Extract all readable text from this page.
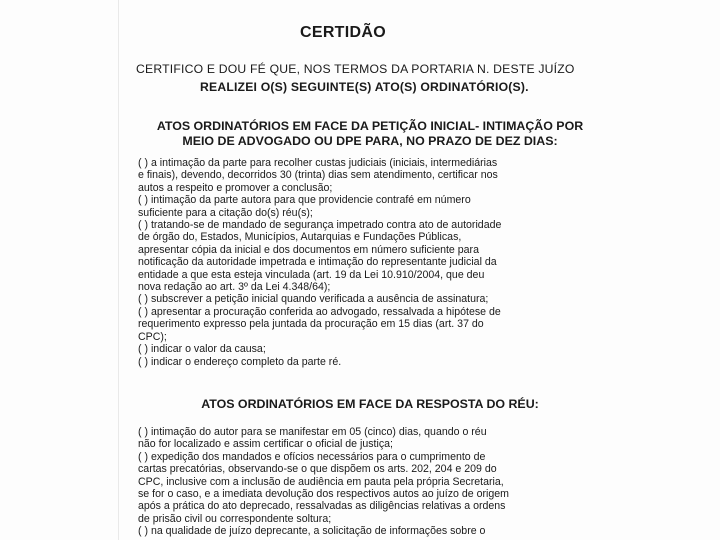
CERTIDÃO
CERTIFICO E DOU FÉ QUE, NOS TERMOS DA PORTARIA N. DESTE JUÍZO
REALIZEI O(S) SEGUINTE(S) ATO(S) ORDINATÓRIO(S).
ATOS ORDINATÓRIOS EM FACE DA PETIÇÃO INICIAL- INTIMAÇÃO POR
MEIO DE ADVOGADO OU DPE PARA, NO PRAZO DE DEZ DIAS:
( ) a intimação da parte para recolher custas judiciais (iniciais, intermediárias
e finais), devendo, decorridos 30 (trinta) dias sem atendimento, certificar nos
autos a respeito e promover a conclusão;
( ) intimação da parte autora para que providencie contrafé em número
suficiente para a citação do(s) réu(s);
( ) tratando-se de mandado de segurança impetrado contra ato de autoridade
de órgão do, Estados, Municípios, Autarquias e Fundações Públicas,
apresentar cópia da inicial e dos documentos em número suficiente para
notificação da autoridade impetrada e intimação do representante judicial da
entidade a que esta esteja vinculada (art. 19 da Lei 10.910/2004, que deu
nova redação ao art. 3º da Lei 4.348/64);
( ) subscrever a petição inicial quando verificada a ausência de assinatura;
( ) apresentar a procuração conferida ao advogado, ressalvada a hipótese de
requerimento expresso pela juntada da procuração em 15 dias (art. 37 do
CPC);
( ) indicar o valor da causa;
( ) indicar o endereço completo da parte ré.
ATOS ORDINATÓRIOS EM FACE DA RESPOSTA DO RÉU:
( ) intimação do autor para se manifestar em 05 (cinco) dias, quando o réu
não for localizado e assim certificar o oficial de justiça;
( ) expedição dos mandados e ofícios necessários para o cumprimento de
cartas precatórias, observando-se o que dispõem os arts. 202, 204 e 209 do
CPC, inclusive com a inclusão de audiência em pauta pela própria Secretaria,
se for o caso, e a imediata devolução dos respectivos autos ao juízo de origem
após a prática do ato deprecado, ressalvadas as diligências relativas a ordens
de prisão civil ou correspondente soltura;
( ) na qualidade de juízo deprecante, a solicitação de informações sobre o
